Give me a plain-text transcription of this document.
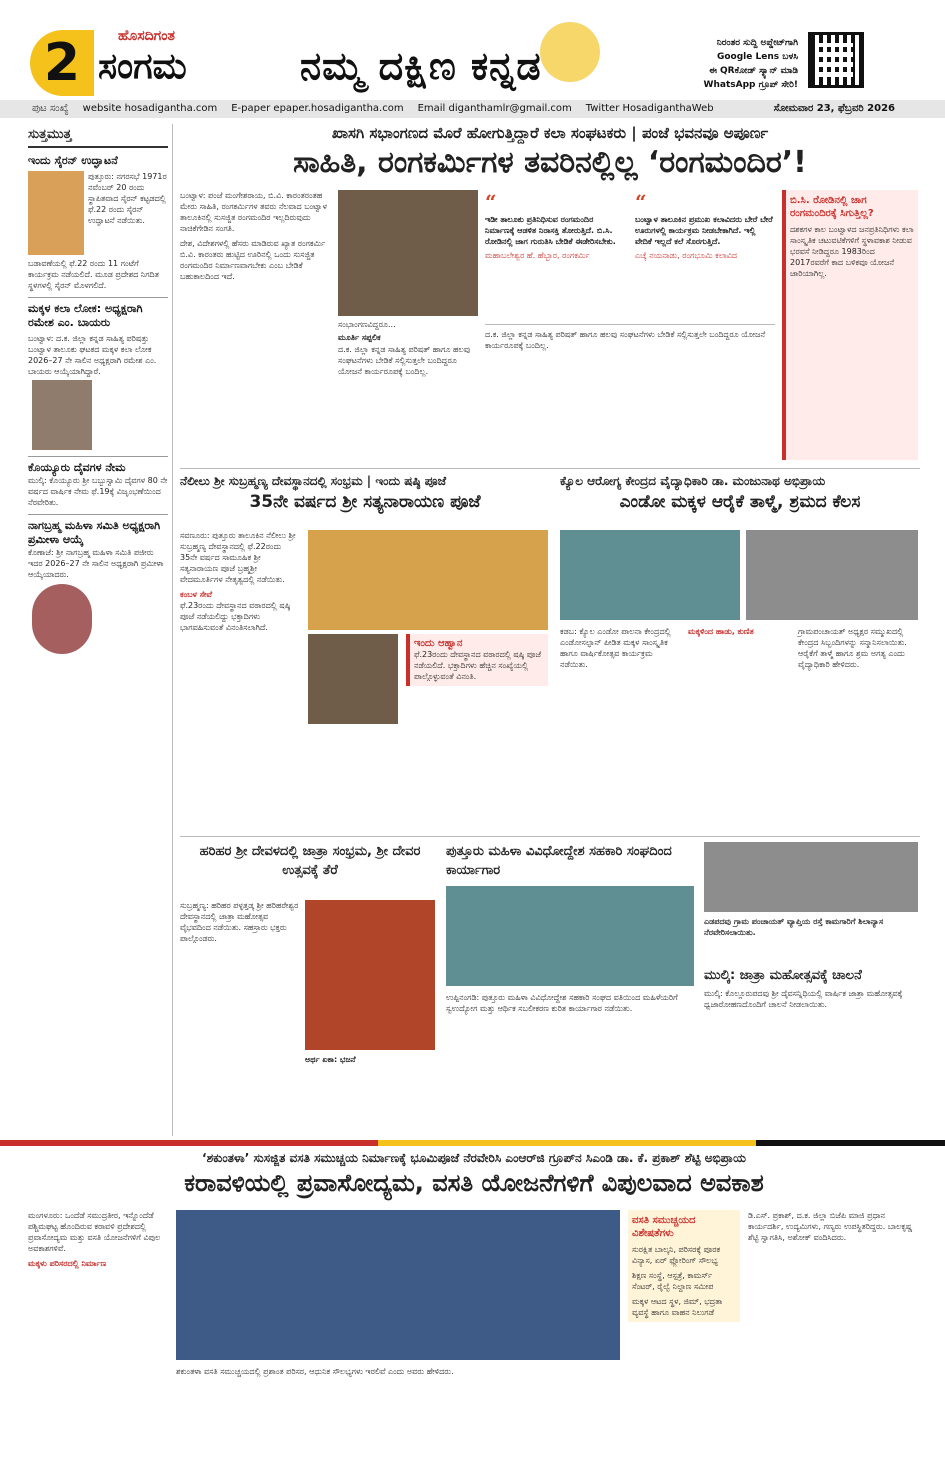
2	ಹೊಸದಿಗಂತ
ಸಂಗಮ	ನಮ್ಮ ದಕ್ಷಿಣ ಕನ್ನಡ
ನಿರಂತರ ಸುದ್ದಿ ಅಪ್ಡೇಟ್‌ಗಾಗಿ
Google Lens ಬಳಸಿ
ಈ QRಕೋಡ್ ಸ್ಕ್ಯಾನ್ ಮಾಡಿ
WhatsApp ಗ್ರೂಪ್ ಸೇರಿ!
ಪುಟ ಸಂಖ್ಯೆ website hosadigantha.com E-paper epaper.hosadigantha.com Email diganthamlr@gmail.com Twitter HosadiganthaWeb	ಸೋಮವಾರ 23, ಫೆಬ್ರವರಿ 2026
ಸುತ್ತಮುತ್ತ
ಇಂದು ಸೈರನ್ ಉದ್ಘಾಟನೆ
ಪುತ್ತೂರು: ನಗರಸಭೆ 1971ರ ನವೆಂಬರ್ 20 ರಂದು ಸ್ಥಾಪಿತವಾದ ಸೈರನ್ ಕಟ್ಟಡದಲ್ಲಿ ಫೆ.22 ರಂದು ಸೈರನ್ ಉದ್ಘಾಟನೆ ನಡೆಯಿತು.
ಬಡಾವಣೆಯಲ್ಲಿ ಫೆ.22 ರಂದು 11 ಗಂಟೆಗೆ ಕಾರ್ಯಕ್ರಮ ನಡೆಯಲಿದೆ. ಮೂಡ ಪ್ರದೇಶದ ನಿಗದಿತ ಸ್ಥಳಗಳಲ್ಲಿ ಸೈರನ್ ಮೊಳಗಲಿದೆ.
ಮಕ್ಕಳ ಕಲಾ ಲೋಕ: ಅಧ್ಯಕ್ಷರಾಗಿ ರಮೇಶ ಎಂ. ಬಾಯರು
ಬಂಟ್ವಾಳ: ದ.ಕ. ಜಿಲ್ಲಾ ಕನ್ನಡ ಸಾಹಿತ್ಯ ಪರಿಷತ್ತು ಬಂಟ್ವಾಳ ತಾಲೂಕು ಘಟಕದ ಮಕ್ಕಳ ಕಲಾ ಲೋಕ 2026–27 ನೇ ಸಾಲಿನ ಅಧ್ಯಕ್ಷರಾಗಿ ರಮೇಶ ಎಂ. ಬಾಯರು ಆಯ್ಕೆಯಾಗಿದ್ದಾರೆ.
ಕೊಯ್ಯೂರು ದೈವಗಳ ನೇಮ
ಮುಲ್ಕಿ: ಕೊಯ್ಯೂರು ಶ್ರೀ ಬಬ್ಬುಸ್ವಾಮಿ ದೈವಗಳ 80 ನೇ ವರ್ಷದ ವಾರ್ಷಿಕ ನೇಮ ಫೆ.19ಕ್ಕೆ ವಿಜೃಂಭಣೆಯಿಂದ ನೆರವೇರಿತು.
ನಾಗಬ್ರಹ್ಮ ಮಹಿಳಾ ಸಮಿತಿ ಅಧ್ಯಕ್ಷರಾಗಿ ಪ್ರಮೀಳಾ ಆಯ್ಕೆ
ಕೊಣಾಜೆ: ಶ್ರೀ ನಾಗಬ್ರಹ್ಮ ಮಹಿಳಾ ಸಮಿತಿ ಪಜೀರು ಇದರ 2026–27 ನೇ ಸಾಲಿನ ಅಧ್ಯಕ್ಷರಾಗಿ ಪ್ರಮೀಳಾ ಆಯ್ಕೆಯಾದರು.
ಖಾಸಗಿ ಸಭಾಂಗಣದ ಮೊರೆ ಹೋಗುತ್ತಿದ್ದಾರೆ ಕಲಾ ಸಂಘಟಕರು | ಪಂಜೆ ಭವನವೂ ಅಪೂರ್ಣ
ಸಾಹಿತಿ, ರಂಗಕರ್ಮಿಗಳ ತವರಿನಲ್ಲಿಲ್ಲ ‘ರಂಗಮಂದಿರ’!
ಬಂಟ್ವಾಳ: ಪಂಜೆ ಮಂಗೇಶರಾಯ, ಬಿ.ವಿ. ಕಾರಂತರಂತಹ ಮೇರು ಸಾಹಿತಿ, ರಂಗಕರ್ಮಿಗಳ ತವರು ನೆಲವಾದ ಬಂಟ್ವಾಳ ತಾಲೂಕಿನಲ್ಲಿ ಸುಸಜ್ಜಿತ ರಂಗಮಂದಿರ ಇಲ್ಲದಿರುವುದು ನಾಚಿಕೆಗೇಡಿನ ಸಂಗತಿ.
ದೇಶ, ವಿದೇಶಗಳಲ್ಲಿ ಹೆಸರು ಮಾಡಿರುವ ಖ್ಯಾತ ರಂಗಕರ್ಮಿ ಬಿ.ವಿ. ಕಾರಂತರು ಹುಟ್ಟಿದ ಊರಿನಲ್ಲಿ ಒಂದು ಸುಸಜ್ಜಿತ ರಂಗಮಂದಿರ ನಿರ್ಮಾಣವಾಗಬೇಕು ಎಂಬ ಬೇಡಿಕೆ ಬಹುಕಾಲದಿಂದ ಇದೆ.
ಸಂಭಾಂಗಣವಿದ್ದರೂ...
ಮೂರ್ತಿ ಸಪ್ಪಲಿಕ
ದ.ಕ. ಜಿಲ್ಲಾ ಕನ್ನಡ ಸಾಹಿತ್ಯ ಪರಿಷತ್ ಹಾಗೂ ಹಲವು ಸಂಘಟನೆಗಳು ಬೇಡಿಕೆ ಸಲ್ಲಿಸುತ್ತಲೇ ಬಂದಿದ್ದರೂ ಯೋಜನೆ ಕಾರ್ಯರೂಪಕ್ಕೆ ಬಂದಿಲ್ಲ.
“
ಇಡೀ ತಾಲೂಕು ಪ್ರತಿನಿಧಿಸುವ ರಂಗಮಂದಿರ ನಿರ್ಮಾಣಕ್ಕೆ ಆಡಳಿತ ನಿರಾಸಕ್ತಿ ತೋರುತ್ತಿದೆ. ಬಿ.ಸಿ. ರೋಡಿನಲ್ಲಿ ಜಾಗ ಗುರುತಿಸಿ ಬೇಡಿಕೆ ಈಡೇರಿಸಬೇಕು.
ಮಹಾಬಲೇಶ್ವರ ಹೆ. ಹೆಬ್ಬಾರ, ರಂಗಕರ್ಮಿ
“
ಬಂಟ್ವಾಳ ತಾಲೂಕಿನ ಪ್ರಮುಖ ಕಲಾವಿದರು ಬೇರೆ ಬೇರೆ ಊರುಗಳಲ್ಲಿ ಕಾರ್ಯಕ್ರಮ ನೀಡಬೇಕಾಗಿದೆ. ಇಲ್ಲಿ ವೇದಿಕೆ ಇಲ್ಲದೆ ಕಲೆ ಸೊರಗುತ್ತಿದೆ.
ಎಚ್ಕೆ ನಯನಾಡು, ರಂಗಭೂಮಿ ಕಲಾವಿದ
ದ.ಕ. ಜಿಲ್ಲಾ ಕನ್ನಡ ಸಾಹಿತ್ಯ ಪರಿಷತ್ ಹಾಗೂ ಹಲವು ಸಂಘಟನೆಗಳು ಬೇಡಿಕೆ ಸಲ್ಲಿಸುತ್ತಲೇ ಬಂದಿದ್ದರೂ ಯೋಜನೆ ಕಾರ್ಯರೂಪಕ್ಕೆ ಬಂದಿಲ್ಲ.
ಬಿ.ಸಿ. ರೋಡಿನಲ್ಲಿ ಜಾಗ ರಂಗಮಂದಿರಕ್ಕೆ ಸಿಗುತ್ತಿಲ್ಲ?
ದಶಕಗಳ ಕಾಲ ಬಂಟ್ವಾಳದ ಜನಪ್ರತಿನಿಧಿಗಳು ಕಲಾ ಸಾಂಸ್ಕೃತಿಕ ಚಟುವಟಿಕೆಗಳಿಗೆ ಸ್ಥಳಾವಕಾಶ ನೀಡುವ ಭರವಸೆ ನೀಡಿದ್ದರೂ 1983ರಿಂದ 2017ರವರೆಗೆ ಕಾದ ಬಳಿಕವೂ ಯೋಜನೆ ಜಾರಿಯಾಗಿಲ್ಲ.
ನೆಲೀಲು ಶ್ರೀ ಸುಬ್ರಹ್ಮಣ್ಯ ದೇವಸ್ಥಾನದಲ್ಲಿ ಸಂಭ್ರಮ | ಇಂದು ಷಷ್ಠಿ ಪೂಜೆ
35ನೇ ವರ್ಷದ ಶ್ರೀ ಸತ್ಯನಾರಾಯಣ ಪೂಜೆ
ಸವಣೂರು: ಪುತ್ತೂರು ತಾಲೂಕಿನ ನೆಲೀಲು ಶ್ರೀ ಸುಬ್ರಹ್ಮಣ್ಯ ದೇವಸ್ಥಾನದಲ್ಲಿ ಫೆ.22ರಂದು 35ನೇ ವರ್ಷದ ಸಾಮೂಹಿಕ ಶ್ರೀ ಸತ್ಯನಾರಾಯಣ ಪೂಜೆ ಬ್ರಹ್ಮಶ್ರೀ ವೇದಮೂರ್ತಿಗಳ ನೇತೃತ್ವದಲ್ಲಿ ನಡೆಯಿತು.
ಕಂಬಳ ಸೇವೆ
ಫೆ.23ರಂದು ದೇವಸ್ಥಾನದ ವಠಾರದಲ್ಲಿ ಷಷ್ಠಿ ಪೂಜೆ ನಡೆಯಲಿದ್ದು ಭಕ್ತಾದಿಗಳು ಭಾಗವಹಿಸುವಂತೆ ವಿನಂತಿಸಲಾಗಿದೆ.
ಇಂದು ಆಹ್ವಾನ
ಫೆ.23ರಂದು ದೇವಸ್ಥಾನದ ವಠಾರದಲ್ಲಿ ಷಷ್ಠಿ ಪೂಜೆ ನಡೆಯಲಿದೆ. ಭಕ್ತಾದಿಗಳು ಹೆಚ್ಚಿನ ಸಂಖ್ಯೆಯಲ್ಲಿ ಪಾಲ್ಗೊಳ್ಳುವಂತೆ ವಿನಂತಿ.
ಕ್ಯೊಲ ಆರೋಗ್ಯ ಕೇಂದ್ರದ ವೈದ್ಯಾಧಿಕಾರಿ ಡಾ. ಮಂಜುನಾಥ ಅಭಿಪ್ರಾಯ
ಎಂಡೋ ಮಕ್ಕಳ ಆರೈಕೆ ತಾಳ್ಮೆ, ಶ್ರಮದ ಕೆಲಸ
ಕಡಬ: ಕ್ಯೊಲ ಎಂಡೋ ಪಾಲನಾ ಕೇಂದ್ರದಲ್ಲಿ ಎಂಡೋಸಲ್ಫಾನ್ ಪೀಡಿತ ಮಕ್ಕಳ ಸಾಂಸ್ಕೃತಿಕ ಹಾಗೂ ವಾರ್ಷಿಕೋತ್ಸವ ಕಾರ್ಯಕ್ರಮ ನಡೆಯಿತು.
ಮಕ್ಕಳಿಂದ ಹಾಡು, ಕುಣಿತ	ಗ್ರಾಮಪಂಚಾಯತ್ ಅಧ್ಯಕ್ಷರ ಸಮ್ಮುಖದಲ್ಲಿ ಕೇಂದ್ರದ ಸಿಬ್ಬಂದಿಗಳನ್ನು ಸನ್ಮಾನಿಸಲಾಯಿತು. ಆರೈಕೆಗೆ ತಾಳ್ಮೆ ಹಾಗೂ ಶ್ರಮ ಅಗತ್ಯ ಎಂದು ವೈದ್ಯಾಧಿಕಾರಿ ಹೇಳಿದರು.
ಹರಿಹರ ಶ್ರೀ ದೇವಳದಲ್ಲಿ ಜಾತ್ರಾ ಸಂಭ್ರಮ, ಶ್ರೀ ದೇವರ ಉತ್ಸವಕ್ಕೆ ತೆರೆ
ಸುಬ್ರಹ್ಮಣ್ಯ: ಹರಿಹರ ಪಳ್ಳತ್ತಡ್ಕ ಶ್ರೀ ಹರಿಹರೇಶ್ವರ ದೇವಸ್ಥಾನದಲ್ಲಿ ಜಾತ್ರಾ ಮಹೋತ್ಸವ ವೈಭವದಿಂದ ನಡೆಯಿತು. ಸಹಸ್ರಾರು ಭಕ್ತರು ಪಾಲ್ಗೊಂಡರು.
ಅರ್ಥ ಏಕಾ: ಭಜನೆ
ಪುತ್ತೂರು ಮಹಿಳಾ ವಿವಿಧೋದ್ದೇಶ ಸಹಕಾರಿ ಸಂಘದಿಂದ ಕಾರ್ಯಾಗಾರ
ಉಪ್ಪಿನಂಗಡಿ: ಪುತ್ತೂರು ಮಹಿಳಾ ವಿವಿಧೋದ್ದೇಶ ಸಹಕಾರಿ ಸಂಘದ ವತಿಯಿಂದ ಮಹಿಳೆಯರಿಗೆ ಸ್ವಉದ್ಯೋಗ ಮತ್ತು ಆರ್ಥಿಕ ಸಬಲೀಕರಣ ಕುರಿತ ಕಾರ್ಯಾಗಾರ ನಡೆಯಿತು.
ಎಡಪದವು ಗ್ರಾಮ ಪಂಚಾಯತ್ ವ್ಯಾಪ್ತಿಯ ರಸ್ತೆ ಕಾಮಗಾರಿಗೆ ಶಿಲಾನ್ಯಾಸ ನೆರವೇರಿಸಲಾಯಿತು.
ಮುಲ್ಕಿ: ಜಾತ್ರಾ ಮಹೋತ್ಸವಕ್ಕೆ ಚಾಲನೆ
ಮುಲ್ಕಿ: ಕೊಲ್ಲೂರುಪದವು ಶ್ರೀ ದೈವಸನ್ನಿಧಿಯಲ್ಲಿ ವಾರ್ಷಿಕ ಜಾತ್ರಾ ಮಹೋತ್ಸವಕ್ಕೆ ಧ್ವಜಾರೋಹಣದೊಂದಿಗೆ ಚಾಲನೆ ನೀಡಲಾಯಿತು.
‘ಶಕುಂತಳಾ’ ಸುಸಜ್ಜಿತ ವಸತಿ ಸಮುಚ್ಚಯ ನಿರ್ಮಾಣಕ್ಕೆ ಭೂಮಿಪೂಜೆ ನೆರವೇರಿಸಿ ಎಂಆರ್‌ಜಿ ಗ್ರೂಪ್‌ನ ಸಿಎಂಡಿ ಡಾ. ಕೆ. ಪ್ರಕಾಶ್ ಶೆಟ್ಟಿ ಅಭಿಪ್ರಾಯ
ಕರಾವಳಿಯಲ್ಲಿ ಪ್ರವಾಸೋದ್ಯಮ, ವಸತಿ ಯೋಜನೆಗಳಿಗೆ ವಿಪುಲವಾದ ಅವಕಾಶ
ಮಂಗಳೂರು: ಒಂದೆಡೆ ಸಮುದ್ರತೀರ, ಇನ್ನೊಂದೆಡೆ ಪಶ್ಚಿಮಘಟ್ಟ ಹೊಂದಿರುವ ಕರಾವಳಿ ಪ್ರದೇಶದಲ್ಲಿ ಪ್ರವಾಸೋದ್ಯಮ ಮತ್ತು ವಸತಿ ಯೋಜನೆಗಳಿಗೆ ವಿಪುಲ ಅವಕಾಶಗಳಿವೆ.
ಮಕ್ಕಳು ಪರಿಸರದಲ್ಲಿ ನಿರ್ಮಾಣ
ಶಕುಂತಳಾ ವಸತಿ ಸಮುಚ್ಚಯದಲ್ಲಿ ಪ್ರಶಾಂತ ಪರಿಸರ, ಆಧುನಿಕ ಸೌಲಭ್ಯಗಳು ಇರಲಿವೆ ಎಂದು ಅವರು ಹೇಳಿದರು.
ವಸತಿ ಸಮುಚ್ಚಯದ ವಿಶೇಷತೆಗಳು
ಸುರಕ್ಷಿತ ಬಾಲ್ಕನಿ, ಪರಿಸರಕ್ಕೆ ಪೂರಕ ವಿನ್ಯಾಸ, ಏರ್ ಫ್ಲೋರಿಂಗ್ ಸೌಲಭ್ಯ
ಶಿಕ್ಷಣ ಸಂಸ್ಥೆ, ಆಸ್ಪತ್ರೆ, ಕಾಮರ್ಸ್ ಸೆಂಟರ್, ರೈಲ್ವೆ ನಿಲ್ದಾಣ ಸಮೀಪ
ಮಕ್ಕಳ ಆಟದ ಸ್ಥಳ, ಜಿಮ್, ಭದ್ರತಾ ವ್ಯವಸ್ಥೆ ಹಾಗೂ ವಾಹನ ನಿಲುಗಡೆ
ಡಿ.ಎಸ್. ಪ್ರಕಾಶ್, ದ.ಕ. ಜಿಲ್ಲಾ ಬಿಜೆಪಿ ಮಾಜಿ ಪ್ರಧಾನ ಕಾರ್ಯದರ್ಶಿ, ಉದ್ಯಮಿಗಳು, ಗಣ್ಯರು ಉಪಸ್ಥಿತರಿದ್ದರು. ಬಾಲಕೃಷ್ಣ ಶೆಟ್ಟಿ ಸ್ವಾಗತಿಸಿ, ಅಶೋಕ್ ವಂದಿಸಿದರು.
